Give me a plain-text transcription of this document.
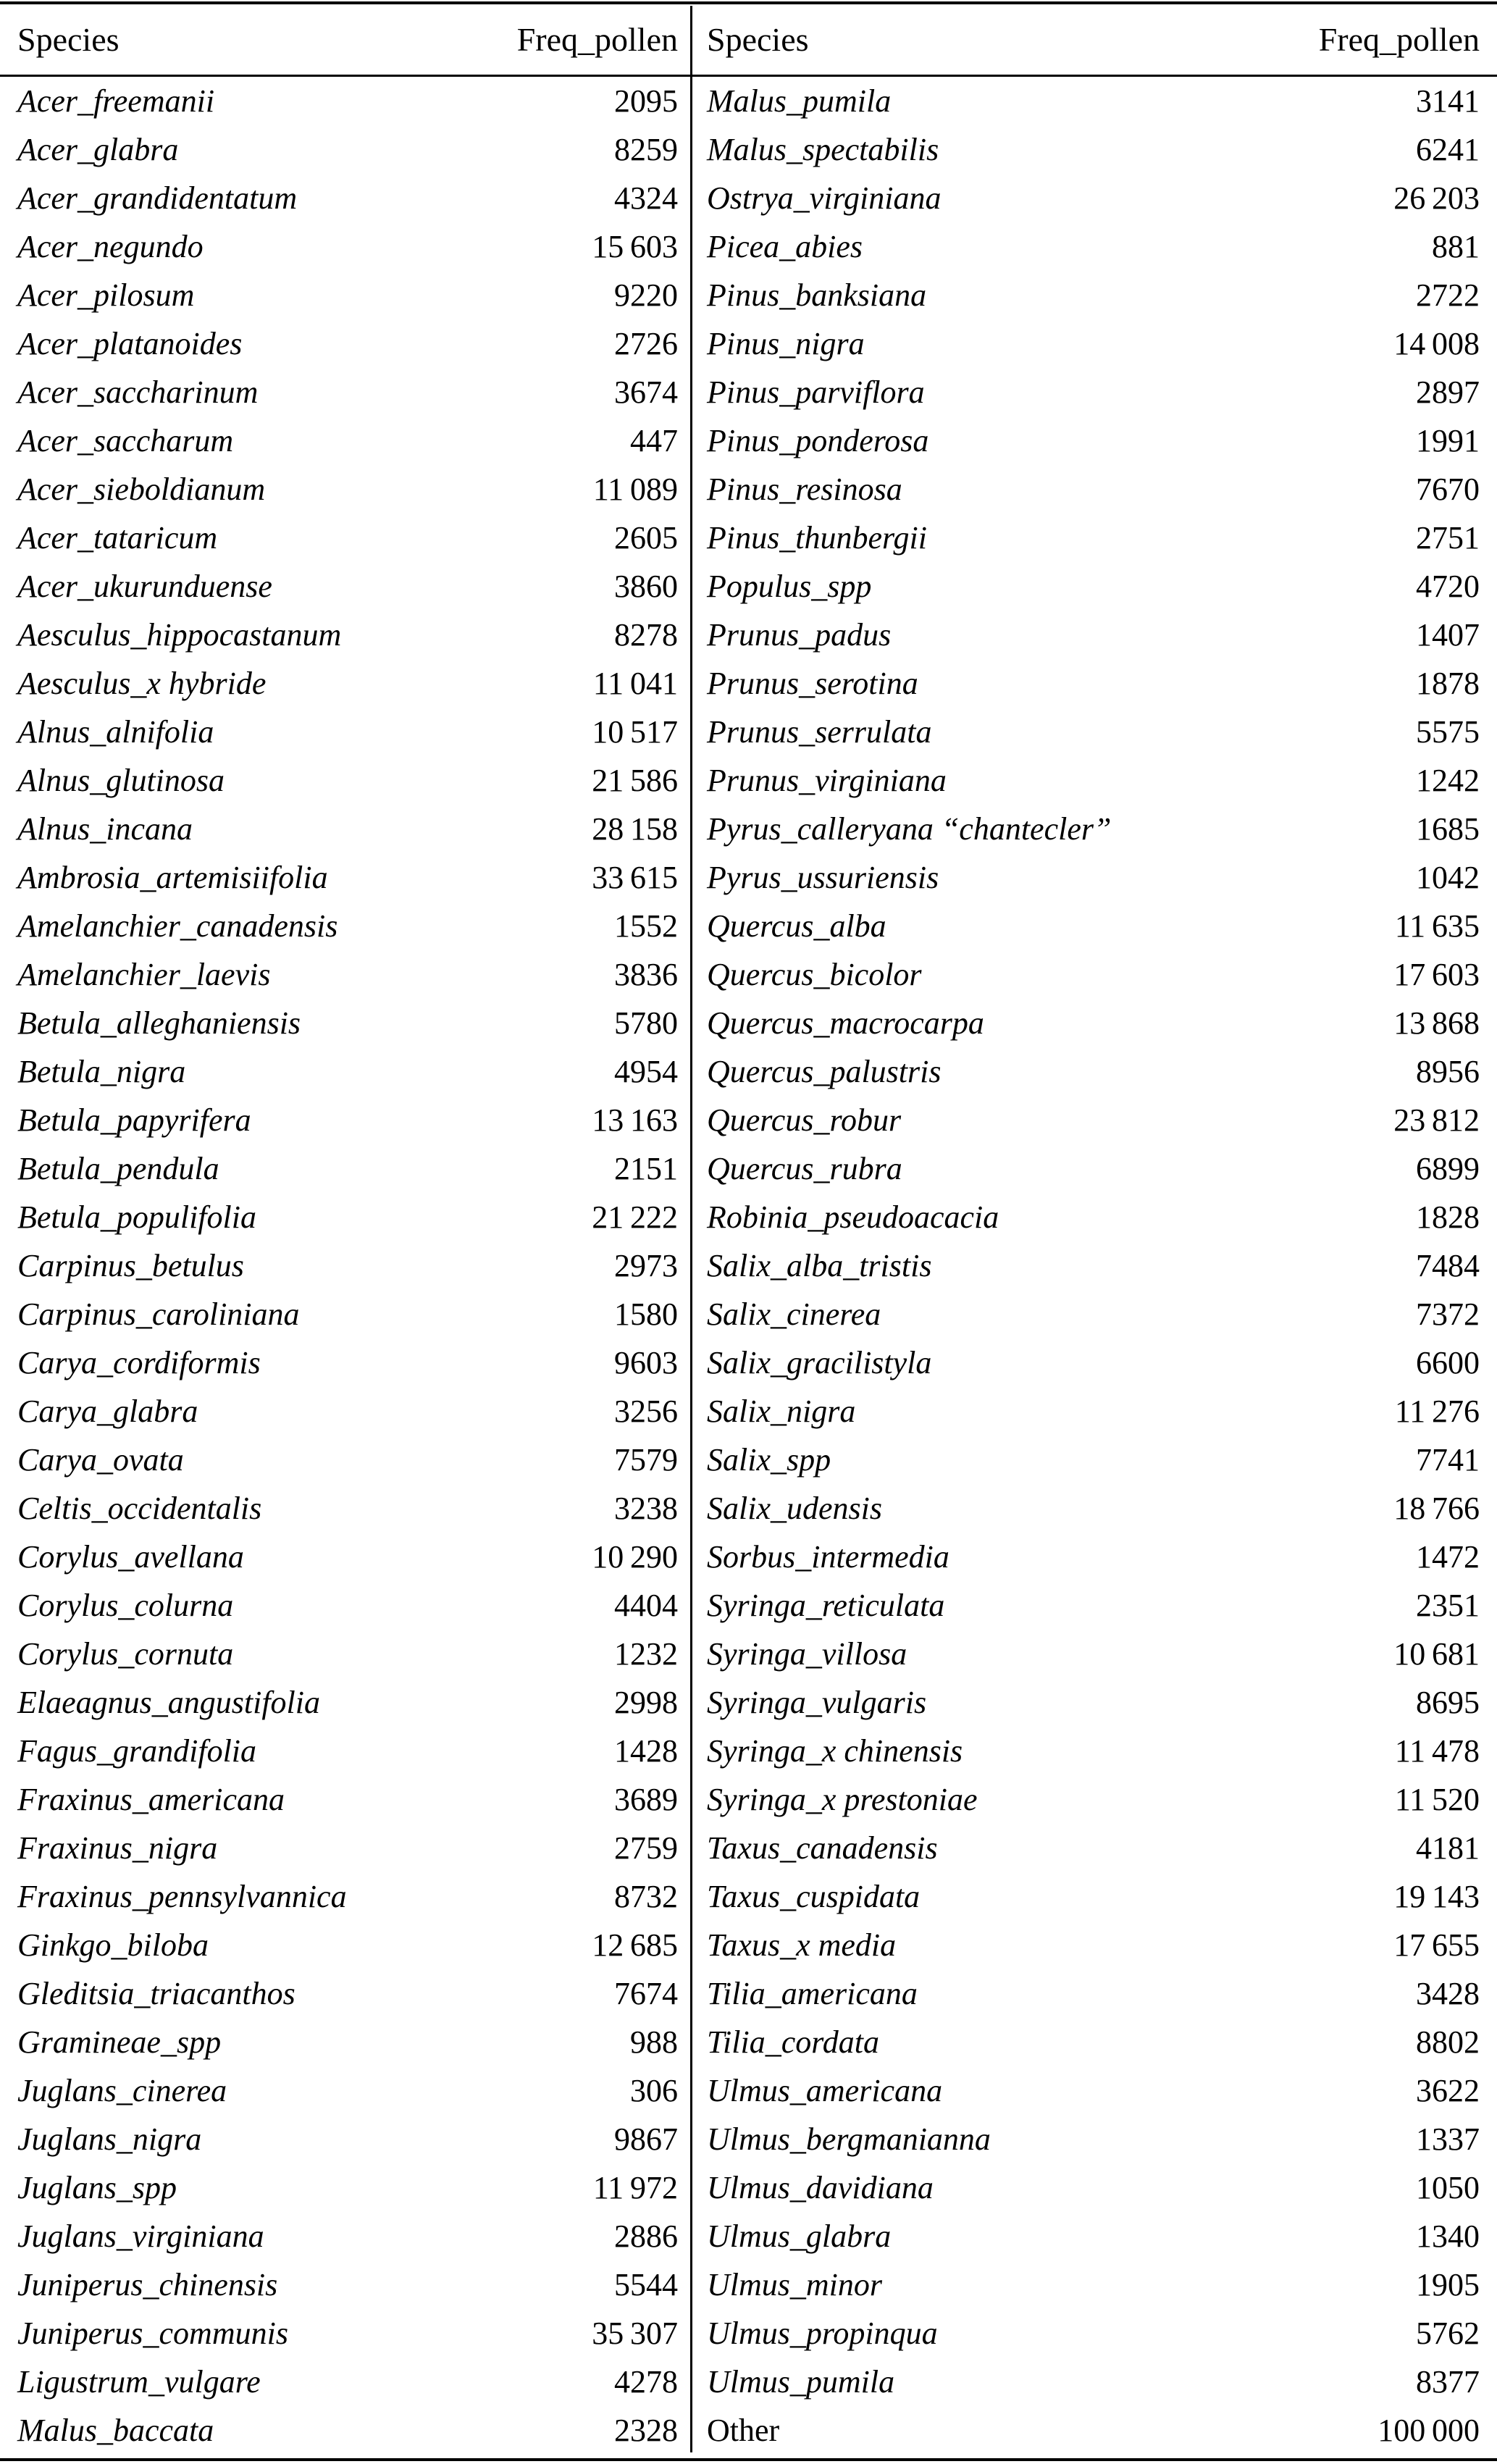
Species	Freq_pollen Species	Freq_pollen
Acer_freemanii	2095
Acer_glabra	8259
Acer_grandidentatum	4324
Acer_negundo	15 603
Acer_pilosum	9220
Acer_platanoides	2726
Acer_saccharinum	3674
Acer_saccharum	447
Acer_sieboldianum	11 089
Acer_tataricum	2605
Acer_ukurunduense	3860
Aesculus_hippocastanum	8278
Aesculus_x hybride	11 041
Alnus_alnifolia	10 517
Alnus_glutinosa	21 586
Alnus_incana	28 158
Ambrosia_artemisiifolia	33 615
Amelanchier_canadensis	1552
Amelanchier_laevis	3836
Betula_alleghaniensis	5780
Betula_nigra	4954
Betula_papyrifera	13 163
Betula_pendula	2151
Betula_populifolia	21 222
Carpinus_betulus	2973
Carpinus_caroliniana	1580
Carya_cordiformis	9603
Carya_glabra	3256
Carya_ovata	7579
Celtis_occidentalis	3238
Corylus_avellana	10 290
Corylus_colurna	4404
Corylus_cornuta	1232
Elaeagnus_angustifolia	2998
Fagus_grandifolia	1428
Fraxinus_americana	3689
Fraxinus_nigra	2759
Fraxinus_pennsylvannica	8732
Ginkgo_biloba	12 685
Gleditsia_triacanthos	7674
Gramineae_spp	988
Juglans_cinerea	306
Juglans_nigra	9867
Juglans_spp	11 972
Juglans_virginiana	2886
Juniperus_chinensis	5544
Juniperus_communis	35 307
Ligustrum_vulgare	4278
Malus_baccata	2328
Malus_pumila	3141
Malus_spectabilis	6241
Ostrya_virginiana	26 203
Picea_abies	881
Pinus_banksiana	2722
Pinus_nigra	14 008
Pinus_parviflora	2897
Pinus_ponderosa	1991
Pinus_resinosa	7670
Pinus_thunbergii	2751
Populus_spp	4720
Prunus_padus	1407
Prunus_serotina	1878
Prunus_serrulata	5575
Prunus_virginiana	1242
Pyrus_calleryana “chantecler”	1685
Pyrus_ussuriensis	1042
Quercus_alba	11 635
Quercus_bicolor	17 603
Quercus_macrocarpa	13 868
Quercus_palustris	8956
Quercus_robur	23 812
Quercus_rubra	6899
Robinia_pseudoacacia	1828
Salix_alba_tristis	7484
Salix_cinerea	7372
Salix_gracilistyla	6600
Salix_nigra	11 276
Salix_spp	7741
Salix_udensis	18 766
Sorbus_intermedia	1472
Syringa_reticulata	2351
Syringa_villosa	10 681
Syringa_vulgaris	8695
Syringa_x chinensis	11 478
Syringa_x prestoniae	11 520
Taxus_canadensis	4181
Taxus_cuspidata	19 143
Taxus_x media	17 655
Tilia_americana	3428
Tilia_cordata	8802
Ulmus_americana	3622
Ulmus_bergmanianna	1337
Ulmus_davidiana	1050
Ulmus_glabra	1340
Ulmus_minor	1905
Ulmus_propinqua	5762
Ulmus_pumila	8377
Other	100 000
